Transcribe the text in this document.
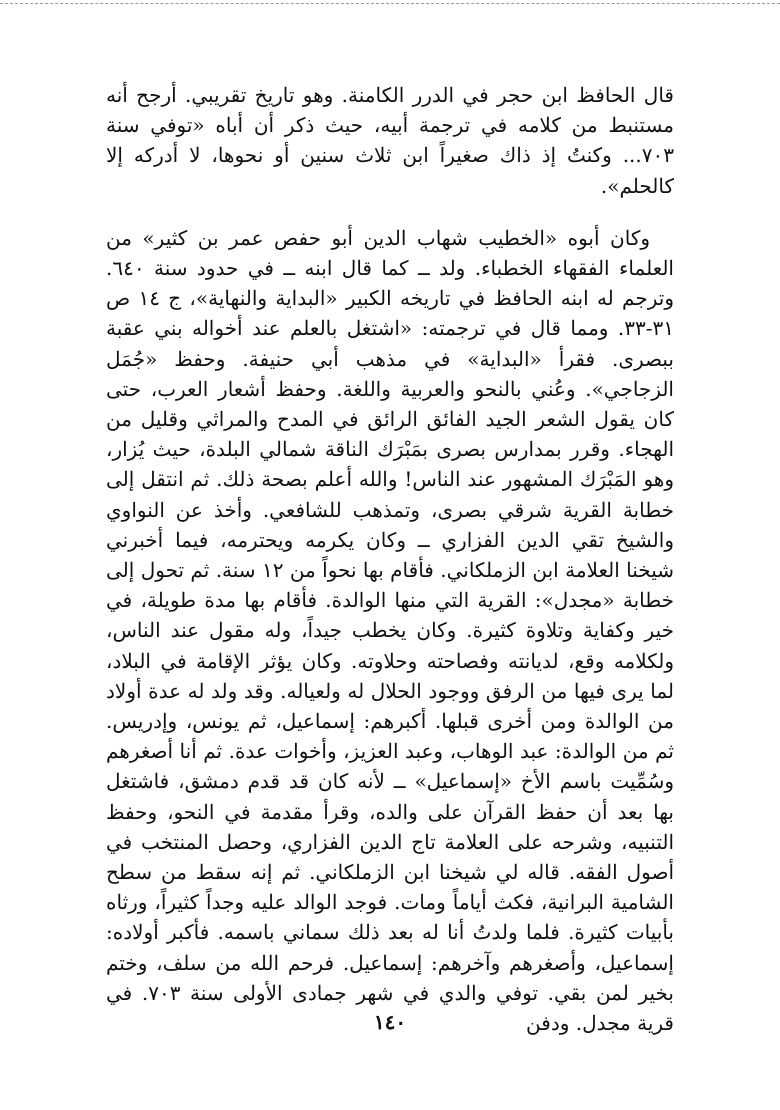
قال الحافظ ابن حجر في الدرر الكامنة. وهو تاريخ تقريبي. أرجح أنه مستنبط من كلامه في ترجمة أبيه، حيث ذكر أن أباه «توفي سنة ٧٠٣... وكنتُ إذ ذاك صغيراً ابن ثلاث سنين أو نحوها، لا أدركه إلا كالحلم».

وكان أبوه «الخطيب شهاب الدين أبو حفص عمر بن كثير» من العلماء الفقهاء الخطباء. ولد ــ كما قال ابنه ــ في حدود سنة ٦٤٠. وترجم له ابنه الحافظ في تاريخه الكبير «البداية والنهاية»، ج ١٤ ص ٣١-٣٣. ومما قال في ترجمته: «اشتغل بالعلم عند أخواله بني عقبة ببصرى. فقرأ «البداية» في مذهب أبي حنيفة. وحفظ «جُمَل الزجاجي». وعُني بالنحو والعربية واللغة. وحفظ أشعار العرب، حتى كان يقول الشعر الجيد الفائق الرائق في المدح والمراثي وقليل من الهجاء. وقرر بمدارس بصرى بمَبْرَك الناقة شمالي البلدة، حيث يُزار، وهو المَبْرَك المشهور عند الناس! والله أعلم بصحة ذلك. ثم انتقل إلى خطابة القرية شرقي بصرى، وتمذهب للشافعي. وأخذ عن النواوي والشيخ تقي الدين الفزاري ــ وكان يكرمه ويحترمه، فيما أخبرني شيخنا العلامة ابن الزملكاني. فأقام بها نحواً من ١٢ سنة. ثم تحول إلى خطابة «مجدل»: القرية التي منها الوالدة. فأقام بها مدة طويلة، في خير وكفاية وتلاوة كثيرة. وكان يخطب جيداً، وله مقول عند الناس، ولكلامه وقع، لديانته وفصاحته وحلاوته. وكان يؤثر الإقامة في البلاد، لما يرى فيها من الرفق ووجود الحلال له ولعياله. وقد ولد له عدة أولاد من الوالدة ومن أخرى قبلها. أكبرهم: إسماعيل، ثم يونس، وإدريس. ثم من الوالدة: عبد الوهاب، وعبد العزيز، وأخوات عدة. ثم أنا أصغرهم وسُمِّيت باسم الأخ «إسماعيل» ــ لأنه كان قد قدم دمشق، فاشتغل بها بعد أن حفظ القرآن على والده، وقرأ مقدمة في النحو، وحفظ التنبيه، وشرحه على العلامة تاج الدين الفزاري، وحصل المنتخب في أصول الفقه. قاله لي شيخنا ابن الزملكاني. ثم إنه سقط من سطح الشامية البرانية، فكث أياماً ومات. فوجد الوالد عليه وجداً كثيراً، ورثاه بأبيات كثيرة. فلما ولدتُ أنا له بعد ذلك سماني باسمه. فأكبر أولاده: إسماعيل، وأصغرهم وآخرهم: إسماعيل. فرحم الله من سلف، وختم بخير لمن بقي. توفي والدي في شهر جمادى الأولى سنة ٧٠٣. في قرية مجدل. ودفن

١٤٠
